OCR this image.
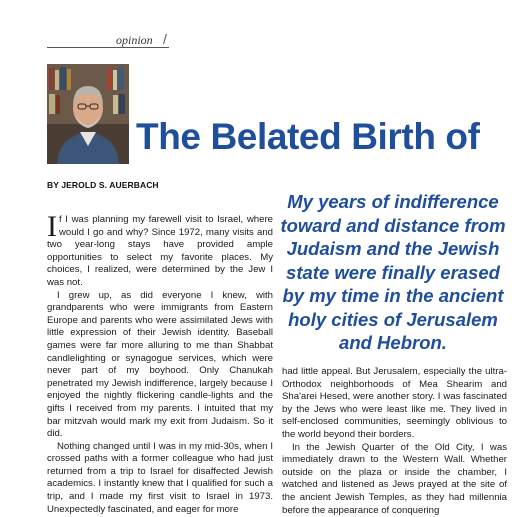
opinion /
The Belated Birth of
BY JEROLD S. AUERBACH
My years of indifference toward and distance from Judaism and the Jewish state were finally erased by my time in the ancient holy cities of Jerusalem and Hebron.

If I was planning my farewell visit to Israel, where would I go and why? Since 1972, many visits and two year-long stays have provided ample opportunities to select my favorite places. My choices, I realized, were determined by the Jew I was not.

I grew up, as did everyone I knew, with grandparents who were immigrants from Eastern Europe and parents who were assimilated Jews with little expression of their Jewish identity. Baseball games were far more alluring to me than Shabbat candlelighting or synagogue services, which were never part of my boyhood. Only Chanukah penetrated my Jewish indifference, largely because I enjoyed the nightly flickering candle-lights and the gifts I received from my parents. I intuited that my bar mitzvah would mark my exit from Judaism. So it did.

Nothing changed until I was in my mid-30s, when I crossed paths with a former colleague who had just returned from a trip to Israel for disaffected Jewish academics. I instantly knew that I qualified for such a trip, and I made my first visit to Israel in 1973. Unexpectedly fascinated, and eager for more

had little appeal. But Jerusalem, especially the ultra-Orthodox neighborhoods of Mea Shearim and Sha'arei Hesed, were another story. I was fascinated by the Jews who were least like me. They lived in self-enclosed communities, seemingly oblivious to the world beyond their borders.

In the Jewish Quarter of the Old City, I was immediately drawn to the Western Wall. Whether outside on the plaza or inside the chamber, I watched and listened as Jews prayed at the site of the ancient Jewish Temples, as they had millennia before the appearance of conquering
